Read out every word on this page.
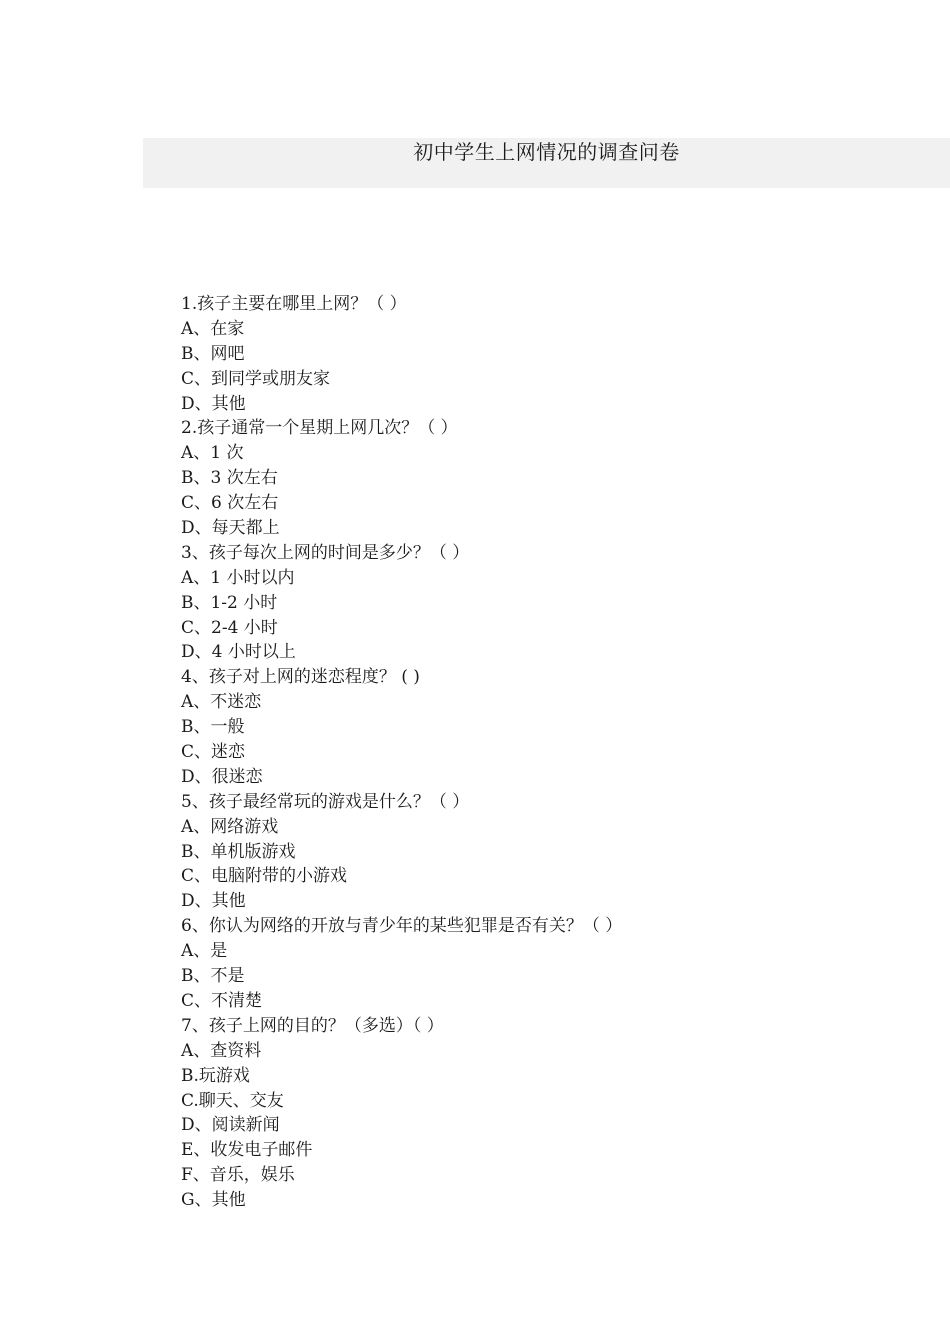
初中学生上网情况的调查问卷
1.孩子主要在哪里上网？（ ）
A、在家
B、网吧
C、到同学或朋友家
D、其他
2.孩子通常一个星期上网几次？（ ）
A、1 次
B、3 次左右
C、6 次左右
D、每天都上
3、孩子每次上网的时间是多少？（ ）
A、1 小时以内
B、1-2 小时
C、2-4 小时
D、4 小时以上
4、孩子对上网的迷恋程度？ ( )
A、不迷恋
B、一般
C、迷恋
D、很迷恋
5、孩子最经常玩的游戏是什么？（ ）
A、网络游戏
B、单机版游戏
C、电脑附带的小游戏
D、其他
6、你认为网络的开放与青少年的某些犯罪是否有关？（ ）
A、是
B、不是
C、不清楚
7、孩子上网的目的？（多选）（ ）
A、查资料
B.玩游戏
C.聊天、交友
D、阅读新闻
E、收发电子邮件
F、音乐，娱乐
G、其他
